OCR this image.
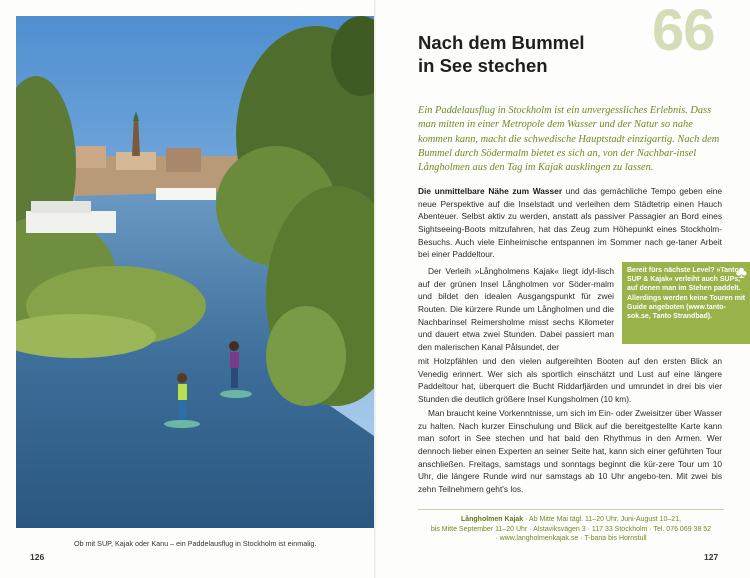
Ob mit SUP, Kajak oder Kanu – ein Paddelausflug in Stockholm ist einmalig.
126
66
Nach dem Bummel
in See stechen
Ein Paddelausflug in Stockholm ist ein unvergessliches Erlebnis. Dass man mitten in einer Metropole dem Wasser und der Natur so nahe kommen kann, macht die schwedische Hauptstadt einzigartig. Nach dem Bummel durch Södermalm bietet es sich an, von der Nachbar-insel Långholmen aus den Tag im Kajak ausklingen zu lassen.

Die unmittelbare Nähe zum Wasser und das gemächliche Tempo geben eine neue Perspektive auf die Inselstadt und verleihen dem Städtetrip einen Hauch Abenteuer. Selbst aktiv zu werden, anstatt als passiver Passagier an Bord eines Sightseeing-Boots mitzufahren, hat das Zeug zum Höhepunkt eines Stockholm-Besuchs. Auch viele Einheimische entspannen im Sommer nach ge-taner Arbeit bei einer Paddeltour.

Der Verleih »Långholmens Kajak« liegt idyl-lisch auf der grünen Insel Långholmen vor Söder-malm und bildet den idealen Ausgangspunkt für zwei Routen. Die kürzere Runde um Långholmen und die Nachbarinsel Reimersholme misst sechs Kilometer und dauert etwa zwei Stunden. Dabei passiert man den malerischen Kanal Pålsundet, der
mit Holzpfählen und den vielen aufgereihten Booten auf den ersten Blick an Venedig erinnert. Wer sich als sportlich einschätzt und Lust auf eine längere Paddeltour hat, überquert die Bucht Riddarfjärden und umrundet in drei bis vier Stunden die deutlich größere Insel Kungsholmen (10 km).
Man braucht keine Vorkenntnisse, um sich im Ein- oder Zweisitzer über Wasser zu halten. Nach kurzer Einschulung und Blick auf die bereitgestellte Karte kann man sofort in See stechen und hat bald den Rhythmus in den Armen. Wer dennoch lieber einen Experten an seiner Seite hat, kann sich einer geführten Tour anschließen. Freitags, samstags und sonntags beginnt die kür-zere Tour um 10 Uhr, die längere Runde wird nur samstags ab 10 Uhr angebo-ten. Mit zwei bis zehn Teilnehmern geht's los.
♣
Bereit fürs nächste Level? »Tanto SUP & Kajak« verleiht auch SUPs, auf denen man im Stehen paddelt. Allerdings werden keine Touren mit Guide angeboten (www.tanto-sok.se, Tanto Strandbad).
Långholmen Kajak · Ab Mitte Mai tägl. 11–20 Uhr, Juni-August 10–21,
bis Mitte September 11–20 Uhr · Alstaviksvägen 3 · 117 33 Stockholm · Tel. 076 069 38 52
· www.langholmenkajak.se · T-bana bis Hornstull
127
